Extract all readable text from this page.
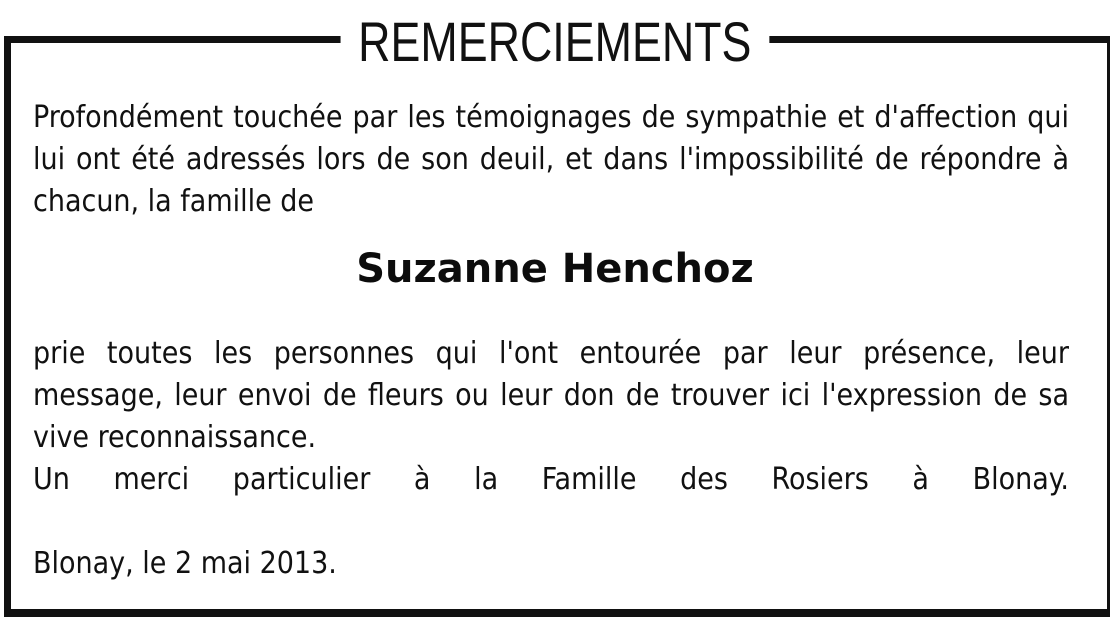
REMERCIEMENTS
Profondément touchée par les témoignages de sympathie et d'affection qui lui ont été adressés lors de son deuil, et dans l'impossibilité de répondre à chacun, la famille de
Suzanne Henchoz
prie toutes les personnes qui l'ont entourée par leur présence, leur message, leur envoi de fleurs ou leur don de trouver ici l'expression de sa vive reconnaissance.
Un merci particulier à la Famille des Rosiers à Blonay.
Blonay, le 2 mai 2013.
